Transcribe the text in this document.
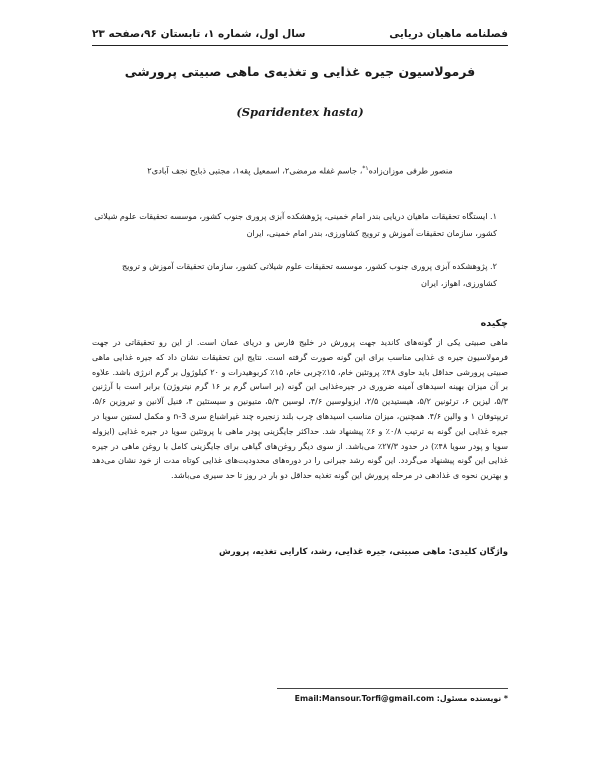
فصلنامه ماهیان دریایی
سال اول، شماره ۱، تابستان ۹۶،صفحه ۲۳
فرمولاسیون جیره غذایی و تغذیه‌ی ماهی صبیتی پرورشی
(Sparidentex hasta)
منصور طرفی موزان‌زاده$^{۱*}$، جاسم غفله مرمضی۲، اسمعیل پقه۱، مجتبی ذبایح نجف آبادی۲
۱. ایستگاه تحقیقات ماهیان دریایی بندر امام خمینی، پژوهشکده آبزی پروری جنوب کشور، موسسه تحقیقات علوم شیلاتی کشور، سازمان تحقیقات آموزش و ترویج کشاورزی، بندر امام خمینی، ایران
۲. پژوهشکده آبزی پروری جنوب کشور، موسسه تحقیقات علوم شیلاتی کشور، سازمان تحقیقات آموزش و ترویج کشاورزی، اهواز، ایران
چکیده
ماهی صبیتی یکی از گونه‌های کاندید جهت پرورش در خلیج فارس و دریای عمان است. از این رو تحقیقاتی در جهت فرمولاسیون جیره ی غذایی مناسب برای این گونه صورت گرفته است. نتایج این تحقیقات نشان داد که جیره غذایی ماهی صبیتی پرورشی حداقل باید حاوی ۴۸٪ پروتئین خام، ۱۵٪چربی خام، ۱۵٪ کربوهیدرات و ۲۰ کیلوژول بر گرم انرژی باشد. علاوه بر آن میزان بهینه اسیدهای آمینه ضروری در جیره‌غذایی این گونه (بر اساس گرم بر ۱۶ گرم نیتروژن) برابر است با آرژنین ۵/۳، لیزین ۶، ترئونین ۵/۲، هیستیدین ۲/۵، ایزولوسین ۴/۶، لوسین ۵/۴، متیونین و سیستئین ۴، فنیل آلانین و تیروزین ۵/۶، تریپتوفان ۱ و والین ۴/۶. همچنین، میزان مناسب اسیدهای چرب بلند زنجیره چند غیراشباع سری n-3 و مکمل لستین سویا در جیره غذایی این گونه به ترتیب ۰/۸٪ و ۶٪ پیشنهاد شد. حداکثر جایگزینی پودر ماهی با پروتئین سویا در جیره غذایی (ایزوله سویا و پودر سویا ۴۸٪) در حدود ۲۷/۳٪ می‌باشد. از سوی دیگر روغن‌های گیاهی برای جایگزینی کامل با روغن ماهی در جیره غذایی این گونه پیشنهاد می‌گردد. این گونه رشد جبرانی را در دوره‌های محدودیت‌های غذایی کوتاه مدت از خود نشان می‌دهد و بهترین نحوه ی غذادهی در مرحله پرورش این گونه تغذیه حداقل دو بار در روز تا حد سیری می‌باشد.
واژگان کلیدی: ماهی صبیتی، جیره غذایی، رشد، کارایی تغذیه، پرورش
* نویسنده مسئول: Email:Mansour.Torfi@gmail.com
